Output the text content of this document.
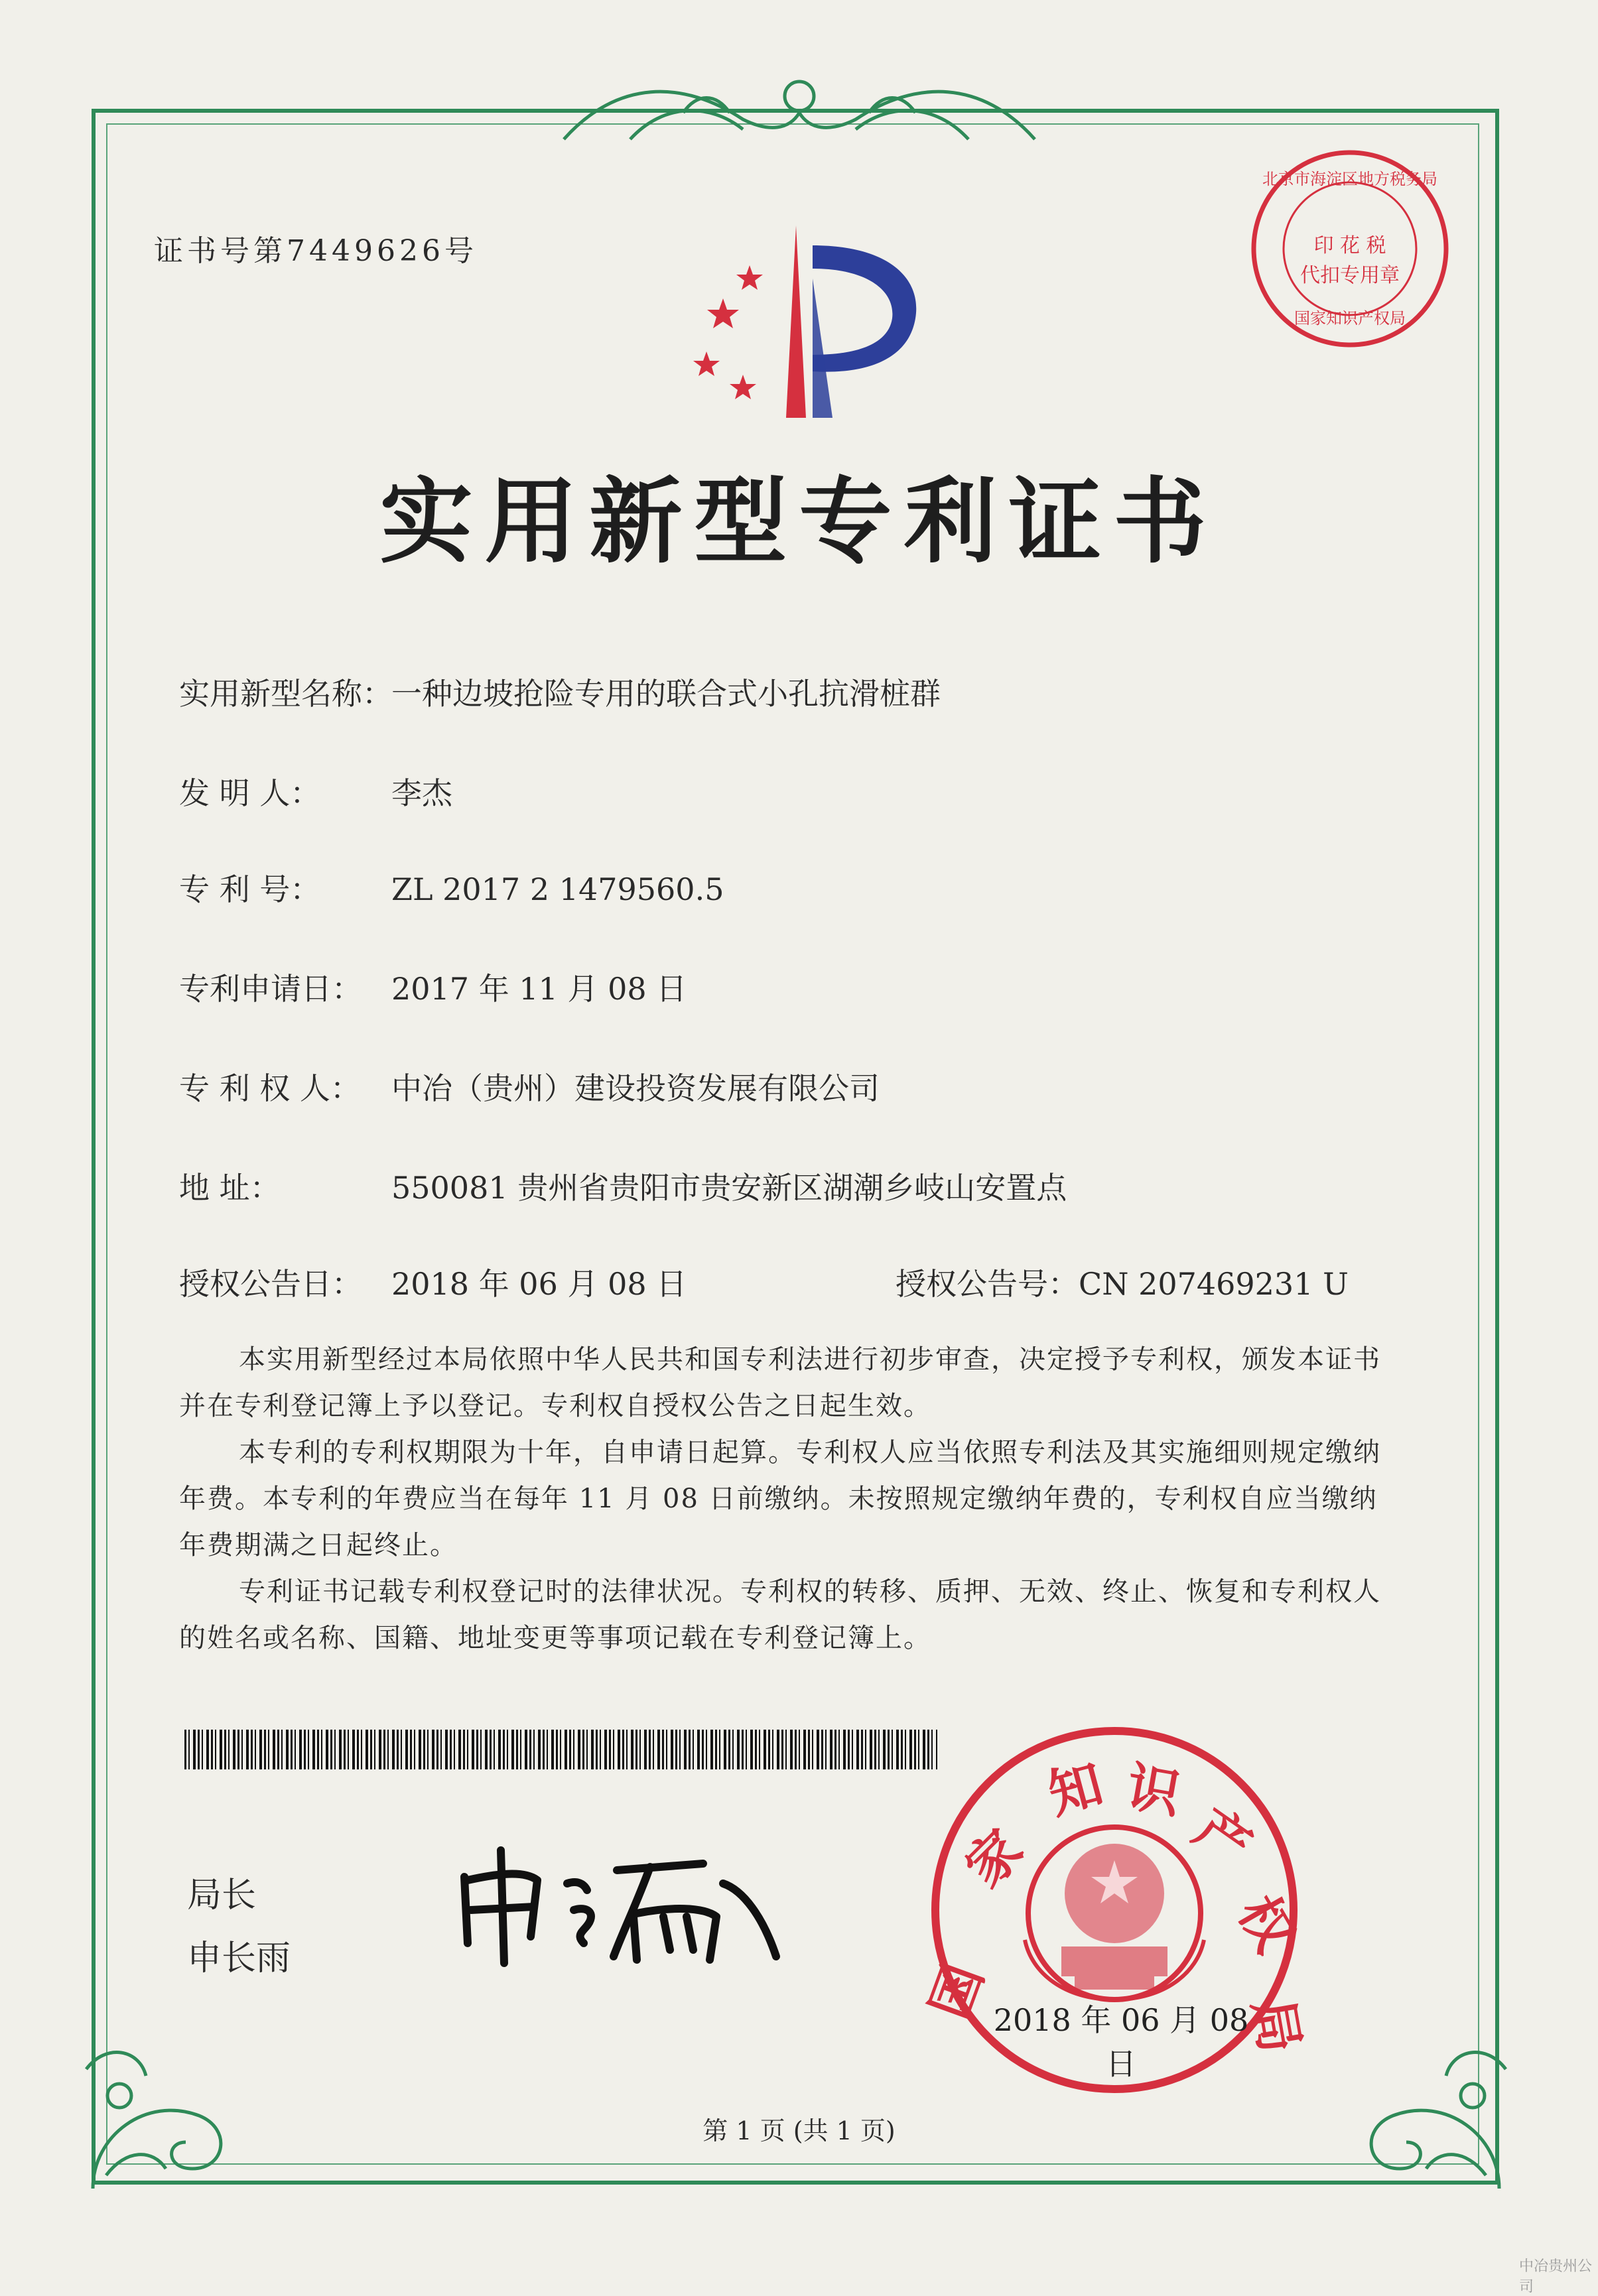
证书号第7449626号
北京市海淀区地方税务局
印 花 税
代扣专用章
国家知识产权局
实用新型专利证书
实用新型名称：一种边坡抢险专用的联合式小孔抗滑桩群
发 明 人： 李杰
专 利 号： ZL 2017 2 1479560.5
专利申请日： 2017 年 11 月 08 日
专 利 权 人： 中冶（贵州）建设投资发展有限公司
地 址：	550081 贵州省贵阳市贵安新区湖潮乡岐山安置点
授权公告日： 2018 年 06 月 08 日	授权公告号：CN 207469231 U
本实用新型经过本局依照中华人民共和国专利法进行初步审查，决定授予专利权，颁发本证书并在专利登记簿上予以登记。专利权自授权公告之日起生效。
本专利的专利权期限为十年，自申请日起算。专利权人应当依照专利法及其实施细则规定缴纳年费。本专利的年费应当在每年 11 月 08 日前缴纳。未按照规定缴纳年费的，专利权自应当缴纳年费期满之日起终止。
专利证书记载专利权登记时的法律状况。专利权的转移、质押、无效、终止、恢复和专利权人的姓名或名称、国籍、地址变更等事项记载在专利登记簿上。
局长
申长雨	国
家
知 识
产
权
局
2018 年 06 月 08 日
第 1 页 (共 1 页)
中冶贵州公司
